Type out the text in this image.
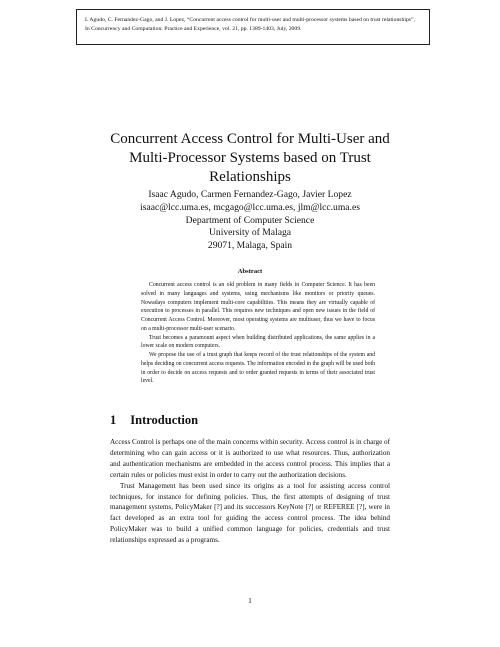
I. Agudo, C. Fernandez-Gago, and J. Lopez, “Concurrent access control for multi-user and multi-processor systems based on trust relationships”, In Concurrency and Computation: Practice and Experience, vol. 21, pp. 1389-1403, July, 2009.
Concurrent Access Control for Multi-User and Multi-Processor Systems based on Trust Relationships
Isaac Agudo, Carmen Fernandez-Gago, Javier Lopez
isaac@lcc.uma.es, mcgago@lcc.uma.es, jlm@lcc.uma.es
Department of Computer Science
University of Malaga
29071, Malaga, Spain
Abstract

Concurrent access control is an old problem in many fields in Computer Science. It has been solved in many languages and systems, using mechanisms like monitors or priority queues. Nowadays computers implement multi-core capabilities. This means they are virtually capable of execution to processes in parallel. This requires new techniques and open new issues in the field of Concurrent Access Control. Moreover, most operating systems are multiuser, thus we have to focus on a multi-processor multi-user scenario.

Trust becomes a paramount aspect when building distributed applications, the same applies in a lower scale on modern computers.

We propose the use of a trust graph that keeps record of the trust relationships of the system and helps deciding on concurrent access requests. The information encoded in the graph will be used both in order to decide on access requests and to order granted requests in terms of their associated trust level.

1 Introduction

Access Control is perhaps one of the main concerns within security. Access control is in charge of determining who can gain access or it is authorized to use what resources. Thus, authorization and authentication mechanisms are embedded in the access control process. This implies that a certain rules or policies must exist in order to carry out the authorization decisions.

Trust Management has been used since its origins as a tool for assisting access control techniques, for instance for defining policies. Thus, the first attempts of designing of trust management systems, PolicyMaker [?] and its successors KeyNote [?] or REFEREE [?], were in fact developed as an extra tool for guiding the access control process. The idea behind PolicyMaker was to build a unified common language for policies, credentials and trust relationships expressed as a programs.

1
